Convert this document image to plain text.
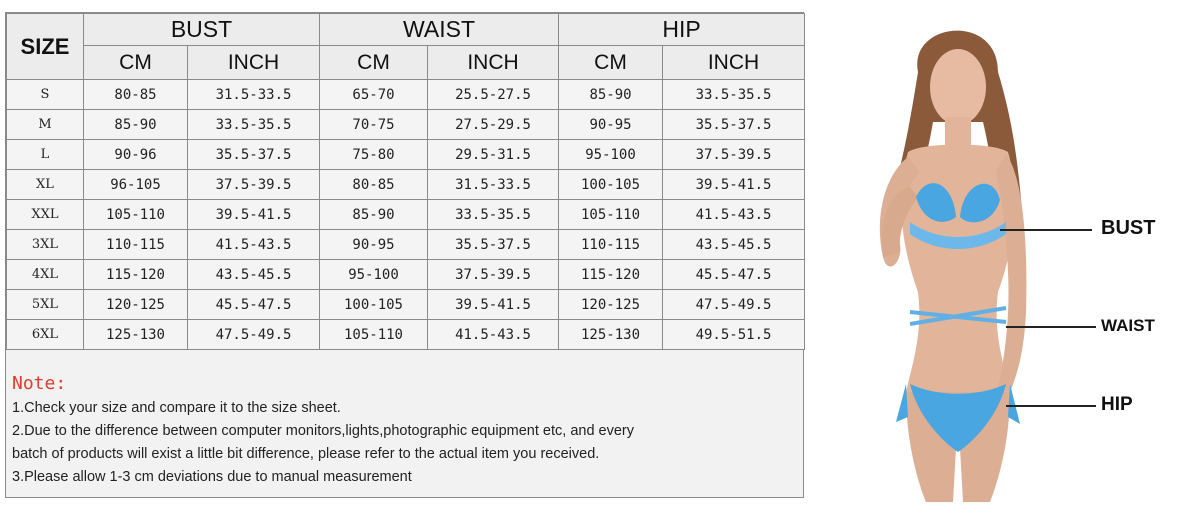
SIZE	BUST		WAIST		HIP	
	CM	INCH	CM	INCH	CM	INCH
S	80-85	31.5-33.5	65-70	25.5-27.5	85-90	33.5-35.5
M	85-90	33.5-35.5	70-75	27.5-29.5	90-95	35.5-37.5
L	90-96	35.5-37.5	75-80	29.5-31.5	95-100	37.5-39.5
XL	96-105	37.5-39.5	80-85	31.5-33.5	100-105	39.5-41.5
XXL	105-110	39.5-41.5	85-90	33.5-35.5	105-110	41.5-43.5
3XL	110-115	41.5-43.5	90-95	35.5-37.5	110-115	43.5-45.5
4XL	115-120	43.5-45.5	95-100	37.5-39.5	115-120	45.5-47.5
5XL	120-125	45.5-47.5	100-105	39.5-41.5	120-125	47.5-49.5
6XL	125-130	47.5-49.5	105-110	41.5-43.5	125-130	49.5-51.5
Note:
1.Check your size and compare it to the size sheet.
2.Due to the difference between computer monitors,lights,photographic equipment etc, and every
batch of products will exist a little bit difference, please refer to the actual item you received.
3.Please allow 1-3 cm deviations due to manual measurement
BUST
WAIST
HIP
